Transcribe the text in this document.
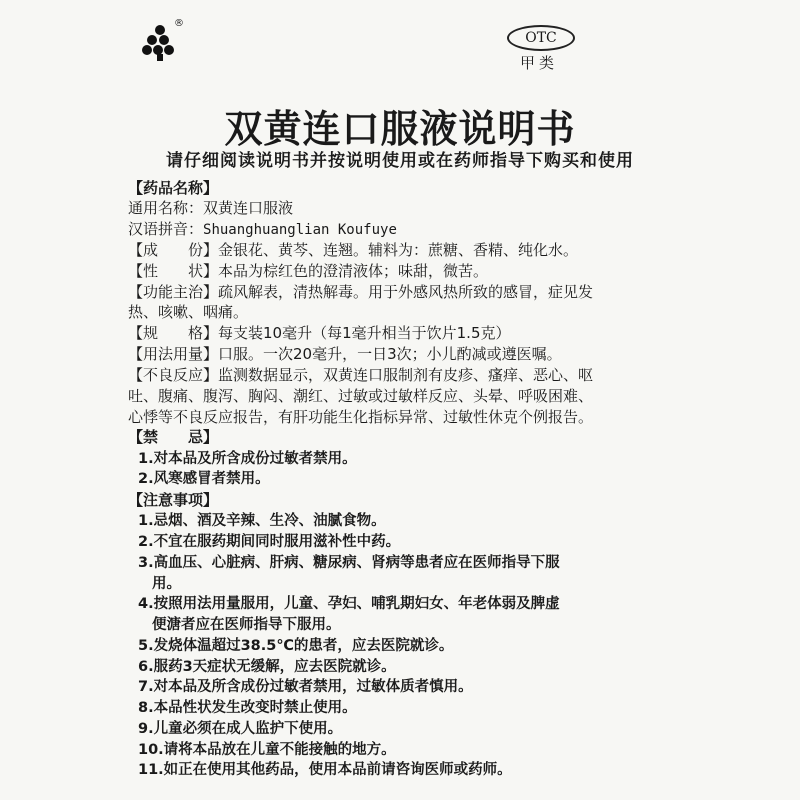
®
OTC
甲类
双黄连口服液说明书
请仔细阅读说明书并按说明使用或在药师指导下购买和使用
【药品名称】
通用名称：双黄连口服液
汉语拼音：Shuanghuanglian Koufuye
【成　　份】金银花、黄芩、连翘。辅料为：蔗糖、香精、纯化水。
【性　　状】本品为棕红色的澄清液体；味甜，微苦。
【功能主治】疏风解表，清热解毒。用于外感风热所致的感冒，症见发
热、咳嗽、咽痛。
【规　　格】每支装10毫升（每1毫升相当于饮片1.5克）
【用法用量】口服。一次20毫升，一日3次；小儿酌减或遵医嘱。
【不良反应】监测数据显示，双黄连口服制剂有皮疹、瘙痒、恶心、呕
吐、腹痛、腹泻、胸闷、潮红、过敏或过敏样反应、头晕、呼吸困难、
心悸等不良反应报告，有肝功能生化指标异常、过敏性休克个例报告。
【禁　　忌】
1.对本品及所含成份过敏者禁用。
2.风寒感冒者禁用。
【注意事项】
1.忌烟、酒及辛辣、生冷、油腻食物。
2.不宜在服药期间同时服用滋补性中药。
3.高血压、心脏病、肝病、糖尿病、肾病等患者应在医师指导下服
用。
4.按照用法用量服用，儿童、孕妇、哺乳期妇女、年老体弱及脾虚
便溏者应在医师指导下服用。
5.发烧体温超过38.5℃的患者，应去医院就诊。
6.服药3天症状无缓解，应去医院就诊。
7.对本品及所含成份过敏者禁用，过敏体质者慎用。
8.本品性状发生改变时禁止使用。
9.儿童必须在成人监护下使用。
10.请将本品放在儿童不能接触的地方。
11.如正在使用其他药品，使用本品前请咨询医师或药师。
